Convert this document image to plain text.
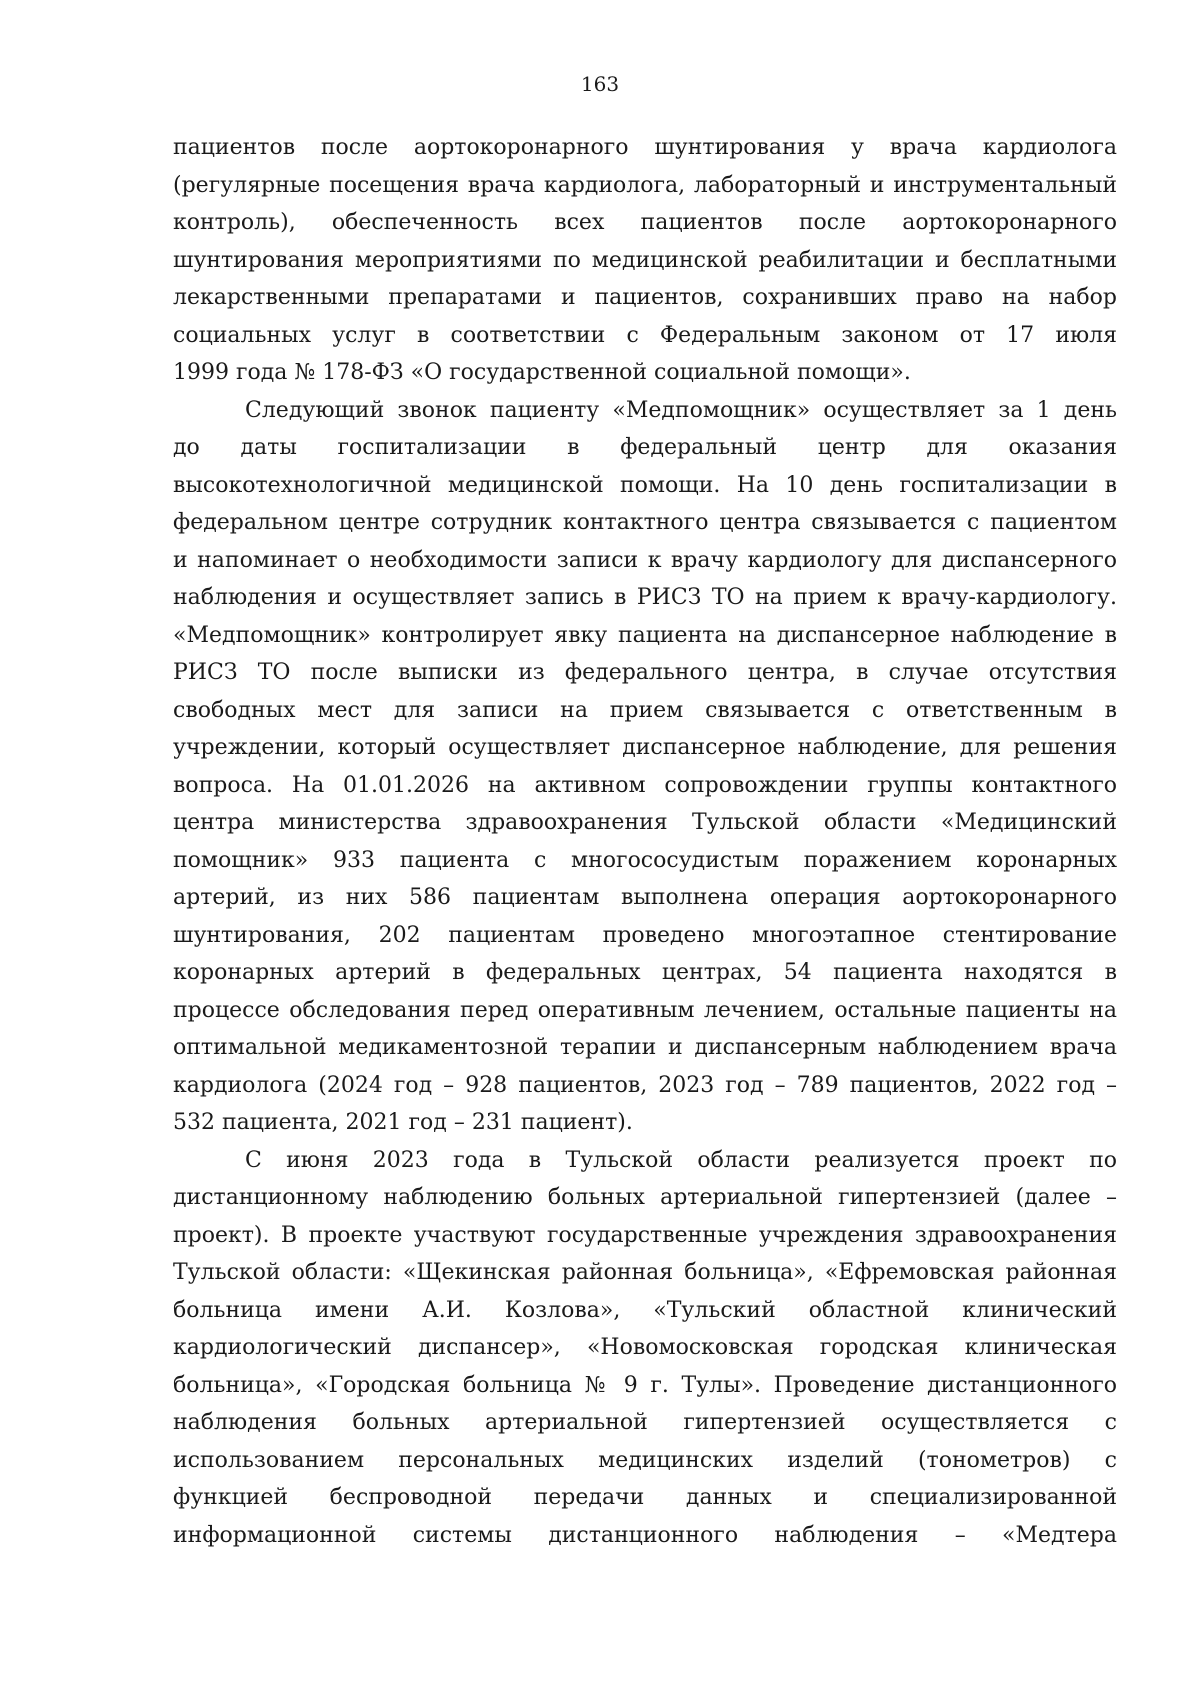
163
пациентов после аортокоронарного шунтирования у врача кардиолога
(регулярные посещения врача кардиолога, лабораторный и инструментальный
контроль), обеспеченность всех пациентов после аортокоронарного
шунтирования мероприятиями по медицинской реабилитации и бесплатными
лекарственными препаратами и пациентов, сохранивших право на набор
социальных услуг в соответствии с Федеральным законом от 17 июля
1999 года № 178-ФЗ «О государственной социальной помощи».
Следующий звонок пациенту «Медпомощник» осуществляет за 1 день
до даты госпитализации в федеральный центр для оказания
высокотехнологичной медицинской помощи. На 10 день госпитализации в
федеральном центре сотрудник контактного центра связывается с пациентом
и напоминает о необходимости записи к врачу кардиологу для диспансерного
наблюдения и осуществляет запись в РИСЗ ТО на прием к врачу-кардиологу.
«Медпомощник» контролирует явку пациента на диспансерное наблюдение в
РИСЗ ТО после выписки из федерального центра, в случае отсутствия
свободных мест для записи на прием связывается с ответственным в
учреждении, который осуществляет диспансерное наблюдение, для решения
вопроса. На 01.01.2026 на активном сопровождении группы контактного
центра министерства здравоохранения Тульской области «Медицинский
помощник» 933 пациента с многососудистым поражением коронарных
артерий, из них 586 пациентам выполнена операция аортокоронарного
шунтирования, 202 пациентам проведено многоэтапное стентирование
коронарных артерий в федеральных центрах, 54 пациента находятся в
процессе обследования перед оперативным лечением, остальные пациенты на
оптимальной медикаментозной терапии и диспансерным наблюдением врача
кардиолога (2024 год – 928 пациентов, 2023 год – 789 пациентов, 2022 год –
532 пациента, 2021 год – 231 пациент).
С июня 2023 года в Тульской области реализуется проект по
дистанционному наблюдению больных артериальной гипертензией (далее –
проект). В проекте участвуют государственные учреждения здравоохранения
Тульской области: «Щекинская районная больница», «Ефремовская районная
больница имени А.И. Козлова», «Тульский областной клинический
кардиологический диспансер», «Новомосковская городская клиническая
больница», «Городская больница № 9 г. Тулы». Проведение дистанционного
наблюдения больных артериальной гипертензией осуществляется с
использованием персональных медицинских изделий (тонометров) с
функцией беспроводной передачи данных и специализированной
информационной системы дистанционного наблюдения – «Медтера
